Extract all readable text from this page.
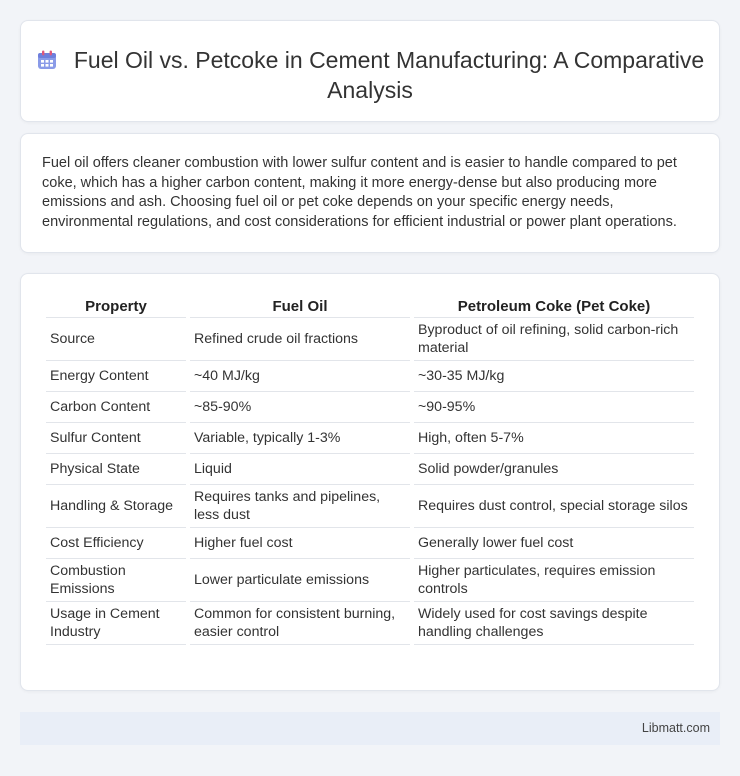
Fuel Oil vs. Petcoke in Cement Manufacturing: A Comparative Analysis

Fuel oil offers cleaner combustion with lower sulfur content and is easier to handle compared to pet coke, which has a higher carbon content, making it more energy-dense but also producing more emissions and ash. Choosing fuel oil or pet coke depends on your specific energy needs, environmental regulations, and cost considerations for efficient industrial or power plant operations.

Property	Fuel Oil	Petroleum Coke (Pet Coke)
Source	Refined crude oil fractions	Byproduct of oil refining, solid carbon-rich material
Energy Content	~40 MJ/kg	~30-35 MJ/kg
Carbon Content	~85-90%	~90-95%
Sulfur Content	Variable, typically 1-3%	High, often 5-7%
Physical State	Liquid	Solid powder/granules
Handling & Storage	Requires tanks and pipelines, less dust	Requires dust control, special storage silos
Cost Efficiency	Higher fuel cost	Generally lower fuel cost
Combustion Emissions	Lower particulate emissions	Higher particulates, requires emission controls
Usage in Cement Industry	Common for consistent burning, easier control	Widely used for cost savings despite handling challenges
Libmatt.com
